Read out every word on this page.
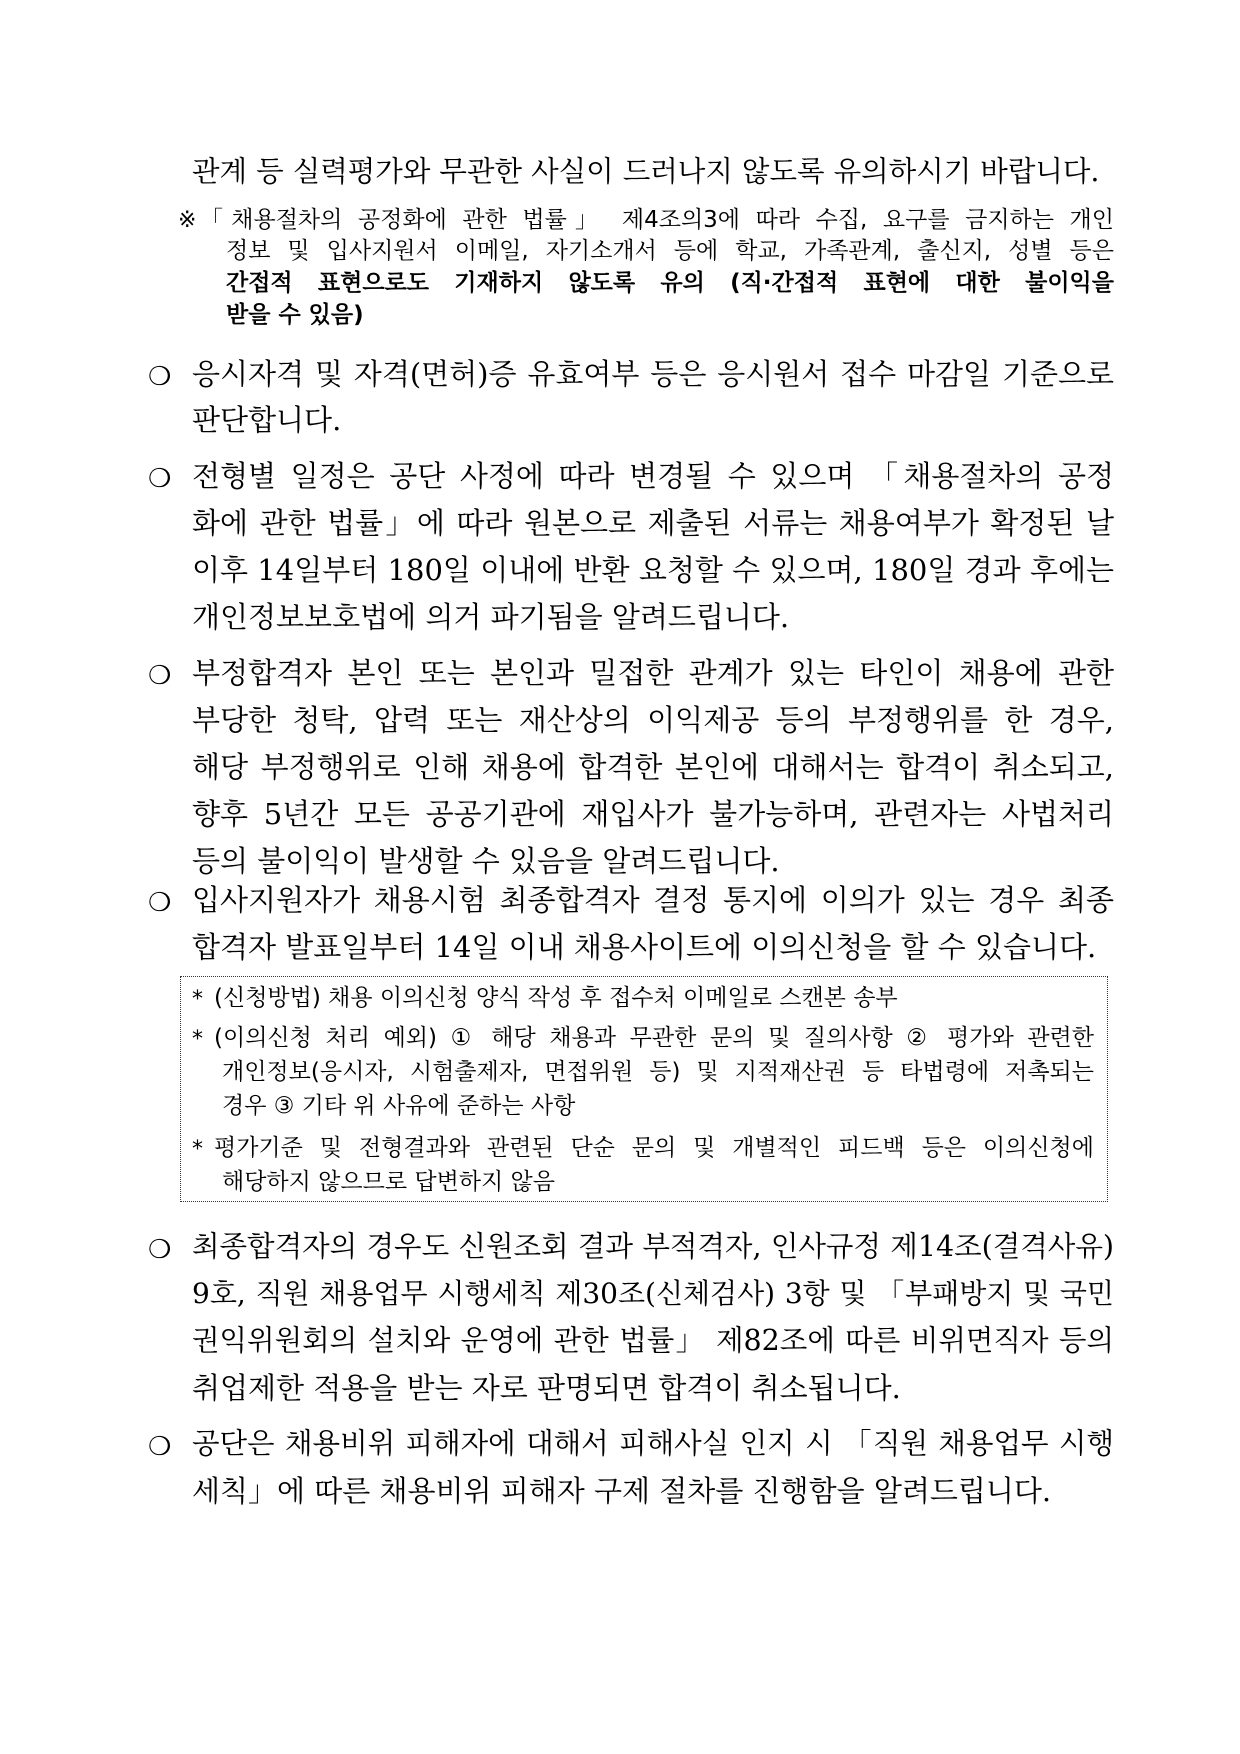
관계 등 실력평가와 무관한 사실이 드러나지 않도록 유의하시기 바랍니다.
※ 「채용절차의 공정화에 관한 법률」 제4조의3에 따라 수집, 요구를 금지하는 개인
정보 및 입사지원서 이메일, 자기소개서 등에 학교, 가족관계, 출신지, 성별 등은
간접적 표현으로도 기재하지 않도록 유의 (직·간접적 표현에 대한 불이익을
받을 수 있음)
❍ 응시자격 및 자격(면허)증 유효여부 등은 응시원서 접수 마감일 기준으로
판단합니다.
❍ 전형별 일정은 공단 사정에 따라 변경될 수 있으며 「채용절차의 공정
화에 관한 법률」에 따라 원본으로 제출된 서류는 채용여부가 확정된 날
이후 14일부터 180일 이내에 반환 요청할 수 있으며, 180일 경과 후에는
개인정보보호법에 의거 파기됨을 알려드립니다.
❍ 부정합격자 본인 또는 본인과 밀접한 관계가 있는 타인이 채용에 관한
부당한 청탁, 압력 또는 재산상의 이익제공 등의 부정행위를 한 경우,
해당 부정행위로 인해 채용에 합격한 본인에 대해서는 합격이 취소되고,
향후 5년간 모든 공공기관에 재입사가 불가능하며, 관련자는 사법처리
등의 불이익이 발생할 수 있음을 알려드립니다.
❍ 입사지원자가 채용시험 최종합격자 결정 통지에 이의가 있는 경우 최종
합격자 발표일부터 14일 이내 채용사이트에 이의신청을 할 수 있습니다.
* (신청방법) 채용 이의신청 양식 작성 후 접수처 이메일로 스캔본 송부
* (이의신청 처리 예외) ① 해당 채용과 무관한 문의 및 질의사항 ② 평가와 관련한
개인정보(응시자, 시험출제자, 면접위원 등) 및 지적재산권 등 타법령에 저촉되는
경우 ③ 기타 위 사유에 준하는 사항
* 평가기준 및 전형결과와 관련된 단순 문의 및 개별적인 피드백 등은 이의신청에
해당하지 않으므로 답변하지 않음
❍ 최종합격자의 경우도 신원조회 결과 부적격자, 인사규정 제14조(결격사유)
9호, 직원 채용업무 시행세칙 제30조(신체검사) 3항 및 「부패방지 및 국민
권익위원회의 설치와 운영에 관한 법률」 제82조에 따른 비위면직자 등의
취업제한 적용을 받는 자로 판명되면 합격이 취소됩니다.
❍ 공단은 채용비위 피해자에 대해서 피해사실 인지 시 「직원 채용업무 시행
세칙」에 따른 채용비위 피해자 구제 절차를 진행함을 알려드립니다.
